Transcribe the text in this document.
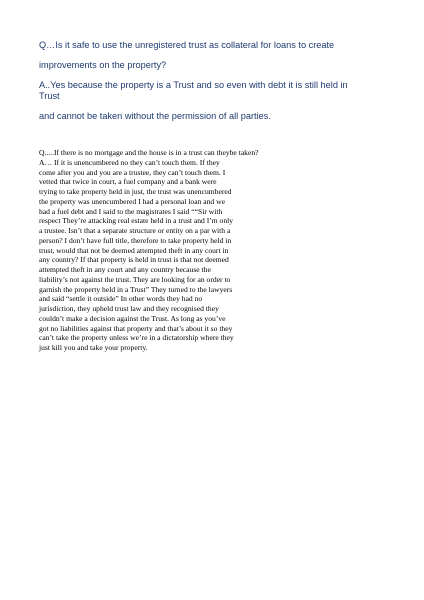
Q…Is it safe to use the unregistered trust as collateral for loans to create
improvements on the property?
A..Yes because the property is a Trust and so even with debt it is still held in
Trust
and cannot be taken without the permission of all parties.
Q.....If there is no mortgage and the house is in a trust can theybe taken?
A… If it is unencumbered no they can’t touch them. If they
come after you and you are a trustee, they can’t touch them. I
vetted that twice in court, a fuel company and a bank were
trying to take property held in just, the trust was unencumbered
the property was unencumbered I had a personal loan and we
had a fuel debt and I said to the magistrates I said ““Sir with
respect They’re attacking real estate held in a trust and I’m only
a trustee. Isn’t that a separate structure or entity on a par with a
person? I don’t have full title, therefore to take property held in
trust, would that not be deemed attempted theft in any court in
any country? If that property is held in trust is that not deemed
attempted theft in any court and any country because the
liability’s not against the trust. They are looking for an order to
garnish the property held in a Trust” They turned to the lawyers
and said “settle it outside” In other words they had no
jurisdiction, they upheld trust law and they recognised they
couldn’t make a decision against the Trust. As long as you’ve
got no liabilities against that property and that’s about it so they
can’t take the property unless we’re in a dictatorship where they
just kill you and take your property.
